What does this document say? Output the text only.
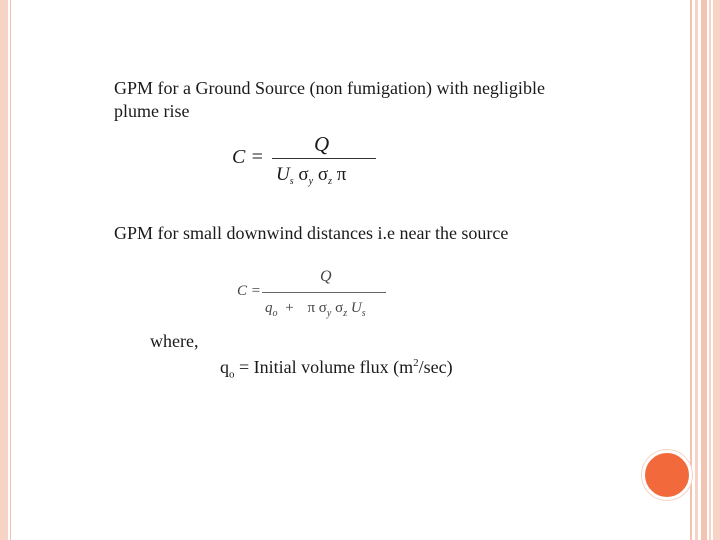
GPM for a Ground Source (non fumigation) with negligible
plume rise
C =
Q
$U_s$ $\sigma_y$ $\sigma_z$ π
GPM for small downwind distances i.e near the source
C =
Q
$q_o + \pi$ $\sigma_y$ $\sigma_z$ $U_s$
where,
$q_o$ = Initial volume flux $(m^2/\sec)$
